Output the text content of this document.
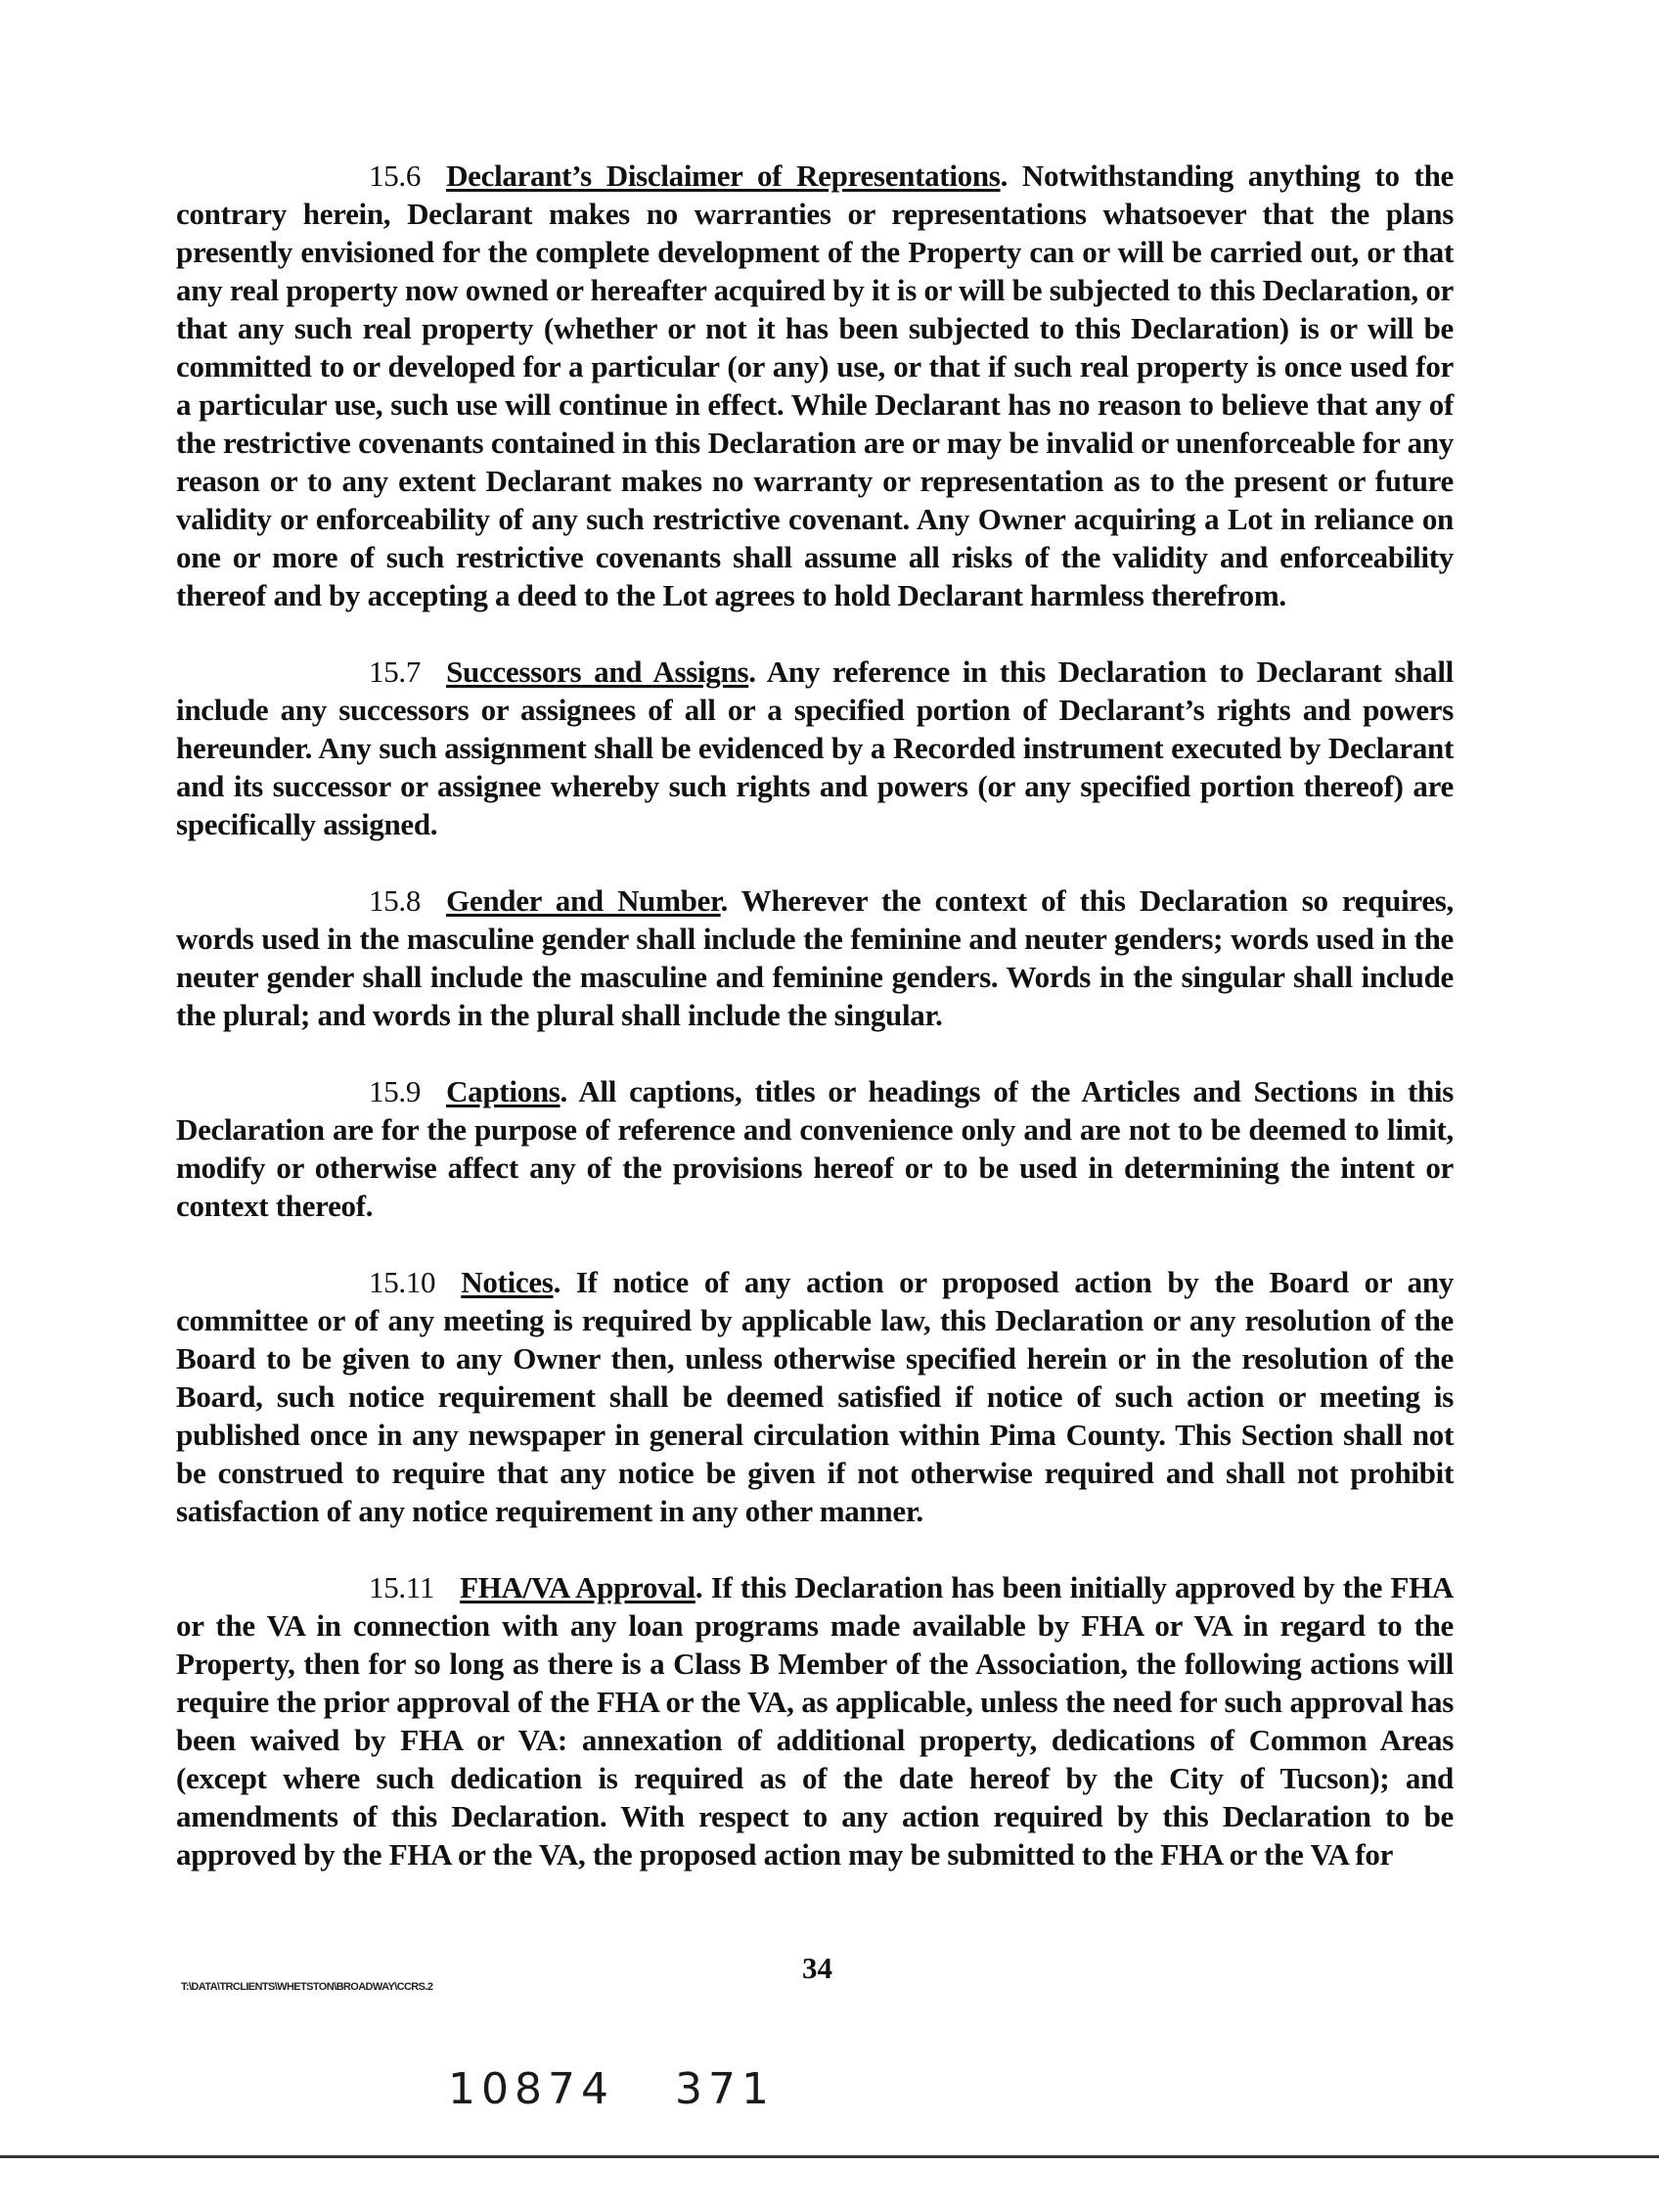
15.6 Declarant’s Disclaimer of Representations. Notwithstanding anything to the contrary herein, Declarant makes no warranties or representations whatsoever that the plans presently envisioned for the complete development of the Property can or will be carried out, or that any real property now owned or hereafter acquired by it is or will be subjected to this Declaration, or that any such real property (whether or not it has been subjected to this Declaration) is or will be committed to or developed for a particular (or any) use, or that if such real property is once used for a particular use, such use will continue in effect. While Declarant has no reason to believe that any of the restrictive covenants contained in this Declaration are or may be invalid or unenforceable for any reason or to any extent Declarant makes no warranty or representation as to the present or future validity or enforceability of any such restrictive covenant. Any Owner acquiring a Lot in reliance on one or more of such restrictive covenants shall assume all risks of the validity and enforceability thereof and by accepting a deed to the Lot agrees to hold Declarant harmless therefrom.

15.7 Successors and Assigns. Any reference in this Declaration to Declarant shall include any successors or assignees of all or a specified portion of Declarant’s rights and powers hereunder. Any such assignment shall be evidenced by a Recorded instrument executed by Declarant and its successor or assignee whereby such rights and powers (or any specified portion thereof) are specifically assigned.

15.8 Gender and Number. Wherever the context of this Declaration so requires, words used in the masculine gender shall include the feminine and neuter genders; words used in the neuter gender shall include the masculine and feminine genders. Words in the singular shall include the plural; and words in the plural shall include the singular.

15.9 Captions. All captions, titles or headings of the Articles and Sections in this Declaration are for the purpose of reference and convenience only and are not to be deemed to limit, modify or otherwise affect any of the provisions hereof or to be used in determining the intent or context thereof.

15.10 Notices. If notice of any action or proposed action by the Board or any committee or of any meeting is required by applicable law, this Declaration or any resolution of the Board to be given to any Owner then, unless otherwise specified herein or in the resolution of the Board, such notice requirement shall be deemed satisfied if notice of such action or meeting is published once in any newspaper in general circulation within Pima County. This Section shall not be construed to require that any notice be given if not otherwise required and shall not prohibit satisfaction of any notice requirement in any other manner.

15.11 FHA/VA Approval. If this Declaration has been initially approved by the FHA or the VA in connection with any loan programs made available by FHA or VA in regard to the Property, then for so long as there is a Class B Member of the Association, the following actions will require the prior approval of the FHA or the VA, as applicable, unless the need for such approval has been waived by FHA or VA: annexation of additional property, dedications of Common Areas (except where such dedication is required as of the date hereof by the City of Tucson); and amendments of this Declaration. With respect to any action required by this Declaration to be approved by the FHA or the VA, the proposed action may be submitted to the FHA or the VA for

T:\DATA\TRCLIENTS\WHETSTON\BROADWAY\CCRS.2
34
10874 371
